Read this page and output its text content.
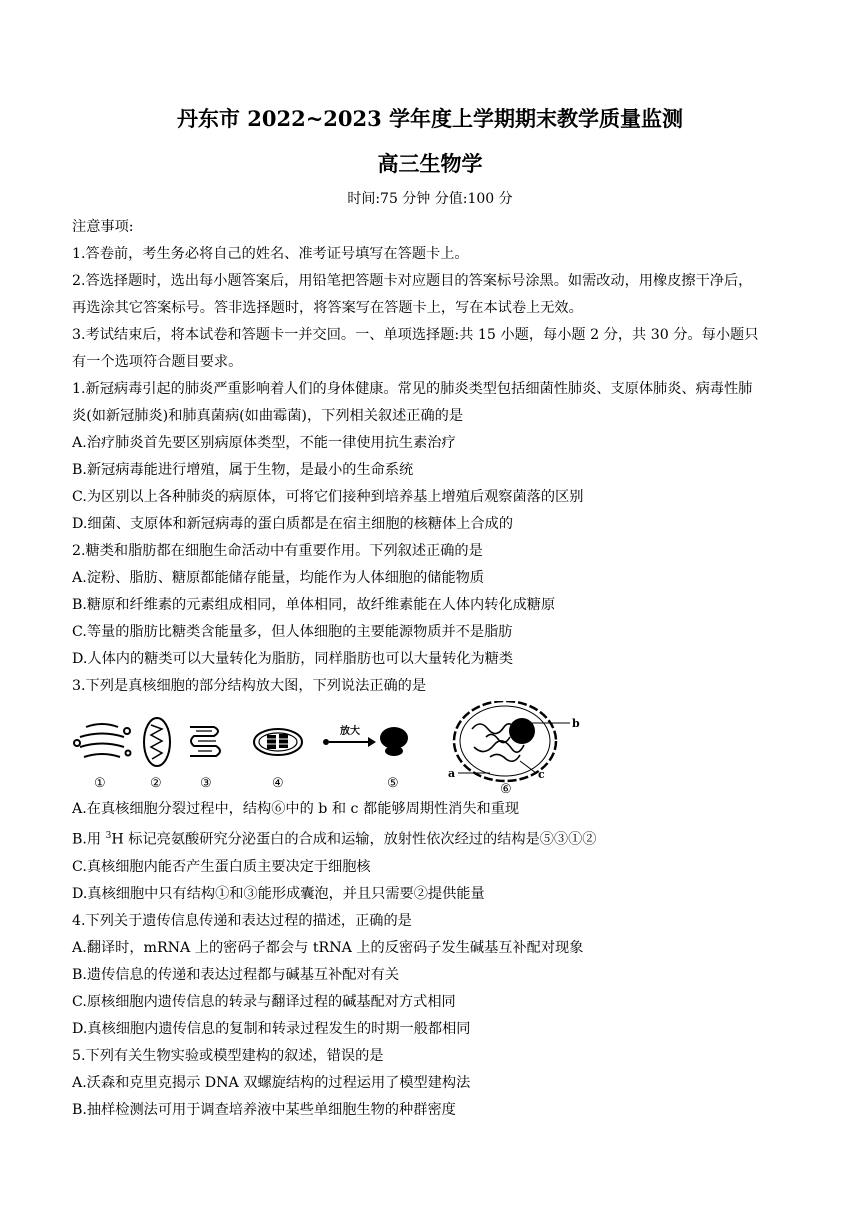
丹东市 2022~2023 学年度上学期期末教学质量监测
高三生物学
时间:75 分钟 分值:100 分

注意事项:

1.答卷前，考生务必将自己的姓名、准考证号填写在答题卡上。

2.答选择题时，选出每小题答案后，用铅笔把答题卡对应题目的答案标号涂黑。如需改动，用橡皮擦干净后，

再选涂其它答案标号。答非选择题时，将答案写在答题卡上，写在本试卷上无效。

3.考试结束后，将本试卷和答题卡一并交回。一、单项选择题:共 15 小题，每小题 2 分，共 30 分。每小题只

有一个选项符合题目要求。

1.新冠病毒引起的肺炎严重影响着人们的身体健康。常见的肺炎类型包括细菌性肺炎、支原体肺炎、病毒性肺

炎(如新冠肺炎)和肺真菌病(如曲霉菌)，下列相关叙述正确的是

A.治疗肺炎首先要区别病原体类型，不能一律使用抗生素治疗

B.新冠病毒能进行增殖，属于生物，是最小的生命系统

C.为区别以上各种肺炎的病原体，可将它们接种到培养基上增殖后观察菌落的区别

D.细菌、支原体和新冠病毒的蛋白质都是在宿主细胞的核糖体上合成的

2.糖类和脂肪都在细胞生命活动中有重要作用。下列叙述正确的是

A.淀粉、脂肪、糖原都能储存能量，均能作为人体细胞的储能物质

B.糖原和纤维素的元素组成相同，单体相同，故纤维素能在人体内转化成糖原

C.等量的脂肪比糖类含能量多，但人体细胞的主要能源物质并不是脂肪

D.人体内的糖类可以大量转化为脂肪，同样脂肪也可以大量转化为糖类

3.下列是真核细胞的部分结构放大图，下列说法正确的是

放大
b
a	c
①	②	③	④	⑤	⑥

A.在真核细胞分裂过程中，结构⑥中的 b 和 c 都能够周期性消失和重现

B.用 $^3$H 标记亮氨酸研究分泌蛋白的合成和运输，放射性依次经过的结构是⑤③①②

C.真核细胞内能否产生蛋白质主要决定于细胞核

D.真核细胞中只有结构①和③能形成囊泡，并且只需要②提供能量

4.下列关于遗传信息传递和表达过程的描述，正确的是

A.翻译时，mRNA 上的密码子都会与 tRNA 上的反密码子发生碱基互补配对现象

B.遗传信息的传递和表达过程都与碱基互补配对有关

C.原核细胞内遗传信息的转录与翻译过程的碱基配对方式相同

D.真核细胞内遗传信息的复制和转录过程发生的时期一般都相同

5.下列有关生物实验或模型建构的叙述，错误的是

A.沃森和克里克揭示 DNA 双螺旋结构的过程运用了模型建构法

B.抽样检测法可用于调查培养液中某些单细胞生物的种群密度
